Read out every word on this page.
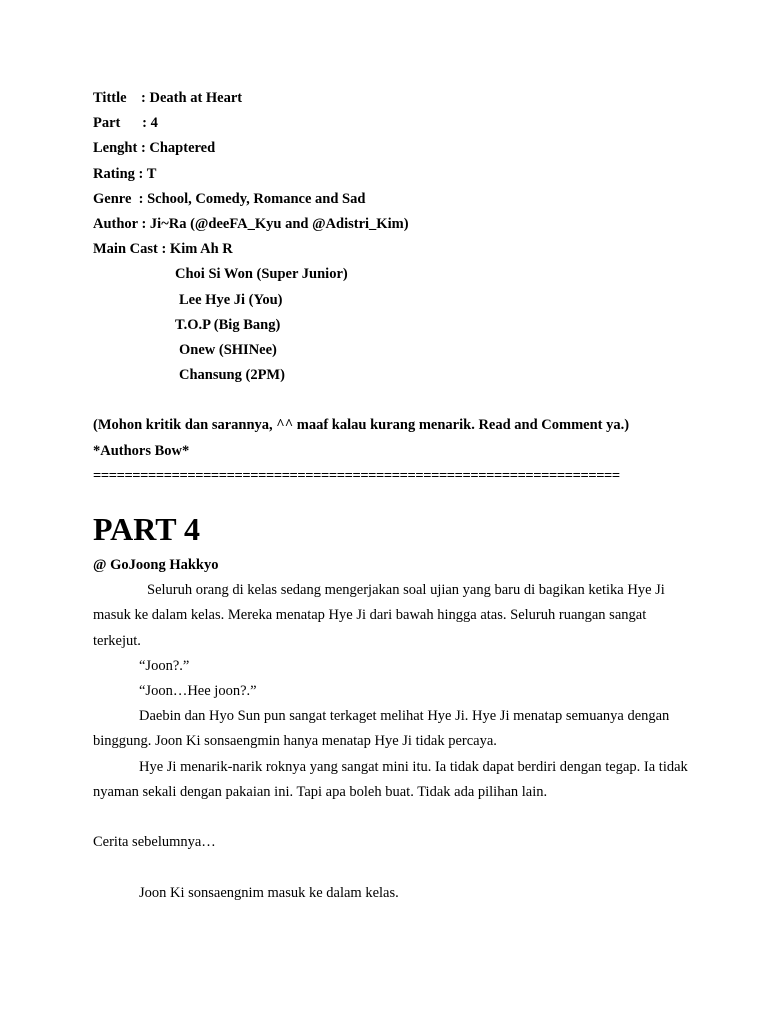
Tittle    : Death at Heart
Part      : 4
Lenght : Chaptered
Rating : T
Genre  : School, Comedy, Romance and Sad
Author : Ji~Ra (@deeFA_Kyu and @Adistri_Kim)
Main Cast : Kim Ah R
Choi Si Won (Super Junior)
Lee Hye Ji (You)
T.O.P (Big Bang)
Onew (SHINee)
Chansung (2PM)
(Mohon kritik dan sarannya, ^^ maaf kalau kurang menarik. Read and Comment ya.)
*Authors Bow*
===================================================================
PART 4
@ GoJoong Hakkyo
Seluruh orang di kelas sedang mengerjakan soal ujian yang baru di bagikan ketika Hye Ji masuk ke dalam kelas. Mereka menatap Hye Ji dari bawah hingga atas. Seluruh ruangan sangat terkejut.
“Joon?.”
“Joon…Hee joon?.”
Daebin dan Hyo Sun pun sangat terkaget melihat Hye Ji. Hye Ji menatap semuanya dengan binggung. Joon Ki sonsaengmin hanya menatap Hye Ji tidak percaya.
Hye Ji menarik-narik roknya yang sangat mini itu. Ia tidak dapat berdiri dengan tegap. Ia tidak nyaman sekali dengan pakaian ini. Tapi apa boleh buat. Tidak ada pilihan lain.
Cerita sebelumnya…
Joon Ki sonsaengnim masuk ke dalam kelas.
